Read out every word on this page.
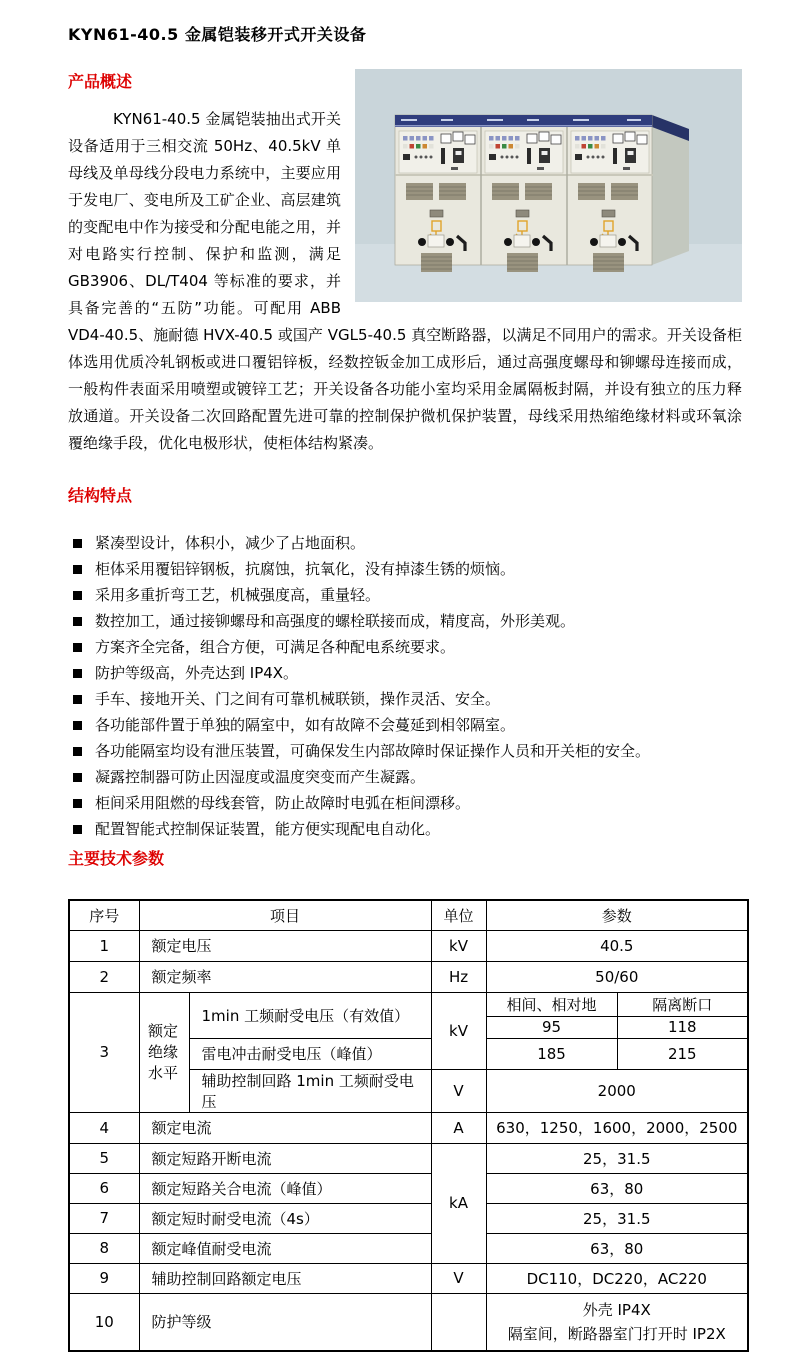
KYN61-40.5 金属铠装移开式开关设备
产品概述

KYN61-40.5 金属铠装抽出式开关设备适用于三相交流 50Hz、40.5kV 单母线及单母线分段电力系统中，主要应用于发电厂、变电所及工矿企业、高层建筑的变配电中作为接受和分配电能之用，并对电路实行控制、保护和监测，满足 GB3906、DL/T404 等标准的要求，并具备完善的“五防”功能。可配用 ABB VD4-40.5、施耐德 HVX-40.5 或国产 VGL5-40.5 真空断路器，以满足不同用户的需求。开关设备柜体选用优质冷轧钢板或进口覆铝锌板，经数控钣金加工成形后，通过高强度螺母和铆螺母连接而成，一般构件表面采用喷塑或镀锌工艺；开关设备各功能小室均采用金属隔板封隔，并设有独立的压力释放通道。开关设备二次回路配置先进可靠的控制保护微机保护装置，母线采用热缩绝缘材料或环氧涂覆绝缘手段，优化电极形状，使柜体结构紧凑。

结构特点
紧凑型设计，体积小，减少了占地面积。
柜体采用覆铝锌钢板，抗腐蚀，抗氧化，没有掉漆生锈的烦恼。
采用多重折弯工艺，机械强度高，重量轻。
数控加工，通过接铆螺母和高强度的螺栓联接而成，精度高，外形美观。
方案齐全完备，组合方便，可满足各种配电系统要求。
防护等级高，外壳达到 IP4X。
手车、接地开关、门之间有可靠机械联锁，操作灵活、安全。
各功能部件置于单独的隔室中，如有故障不会蔓延到相邻隔室。
各功能隔室均设有泄压装置，可确保发生内部故障时保证操作人员和开关柜的安全。
凝露控制器可防止因湿度或温度突变而产生凝露。
柜间采用阻燃的母线套管，防止故障时电弧在柜间漂移。
配置智能式控制保证装置，能方便实现配电自动化。
主要技术参数
序号	项目		单位	参数	
1	额定电压		kV	40.5	
2	额定频率		Hz	50/60	
3	额定绝缘水平	1min 工频耐受电压（有效值）	kV	相间、相对地	隔离断口
				95	118
		雷电冲击耐受电压（峰值）		185	215
		辅助控制回路 1min 工频耐受电压	V	2000	
4	额定电流		A	630，1250，1600，2000，2500	
5	额定短路开断电流		kA	25，31.5	
6	额定短路关合电流（峰值）			63，80	
7	额定短时耐受电流（4s）			25，31.5	
8	额定峰值耐受电流			63，80	
9	辅助控制回路额定电压		V	DC110，DC220，AC220	
10	防护等级			外壳 IP4X
隔室间，断路器室门打开时 IP2X	
